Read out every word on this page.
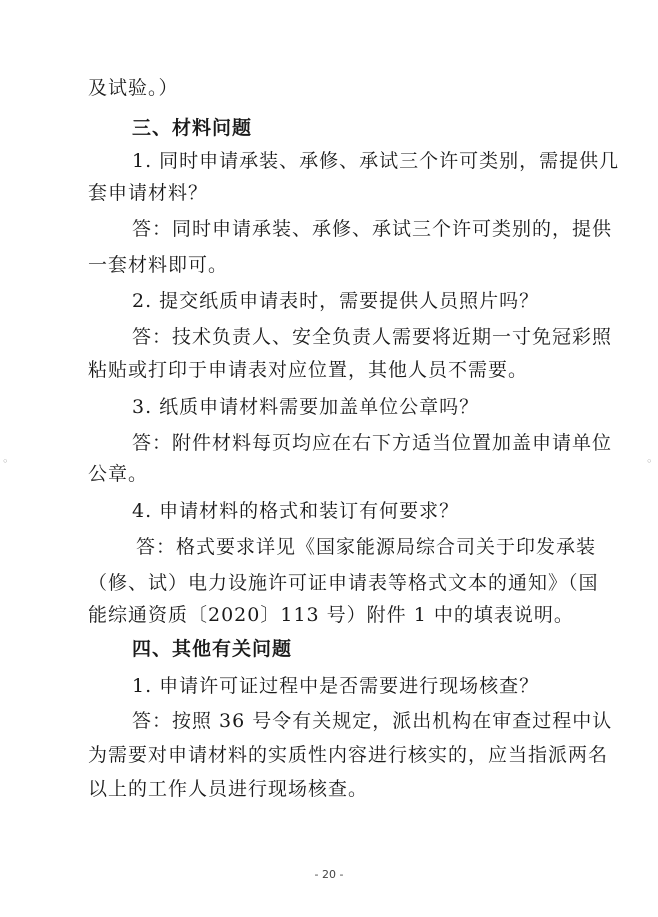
及试验。）
三、材料问题
1. 同时申请承装、承修、承试三个许可类别，需提供几
套申请材料？
答：同时申请承装、承修、承试三个许可类别的，提供
一套材料即可。
2. 提交纸质申请表时，需要提供人员照片吗？
答：技术负责人、安全负责人需要将近期一寸免冠彩照
粘贴或打印于申请表对应位置，其他人员不需要。
3. 纸质申请材料需要加盖单位公章吗？
答：附件材料每页均应在右下方适当位置加盖申请单位
公章。
4. 申请材料的格式和装订有何要求？
答：格式要求详见《国家能源局综合司关于印发承装
（修、试）电力设施许可证申请表等格式文本的通知》（国
能综通资质〔2020〕113 号）附件 1 中的填表说明。
四、其他有关问题
1. 申请许可证过程中是否需要进行现场核查？
答：按照 36 号令有关规定，派出机构在审查过程中认
为需要对申请材料的实质性内容进行核实的，应当指派两名
以上的工作人员进行现场核查。
◦	◦
- 20 -
